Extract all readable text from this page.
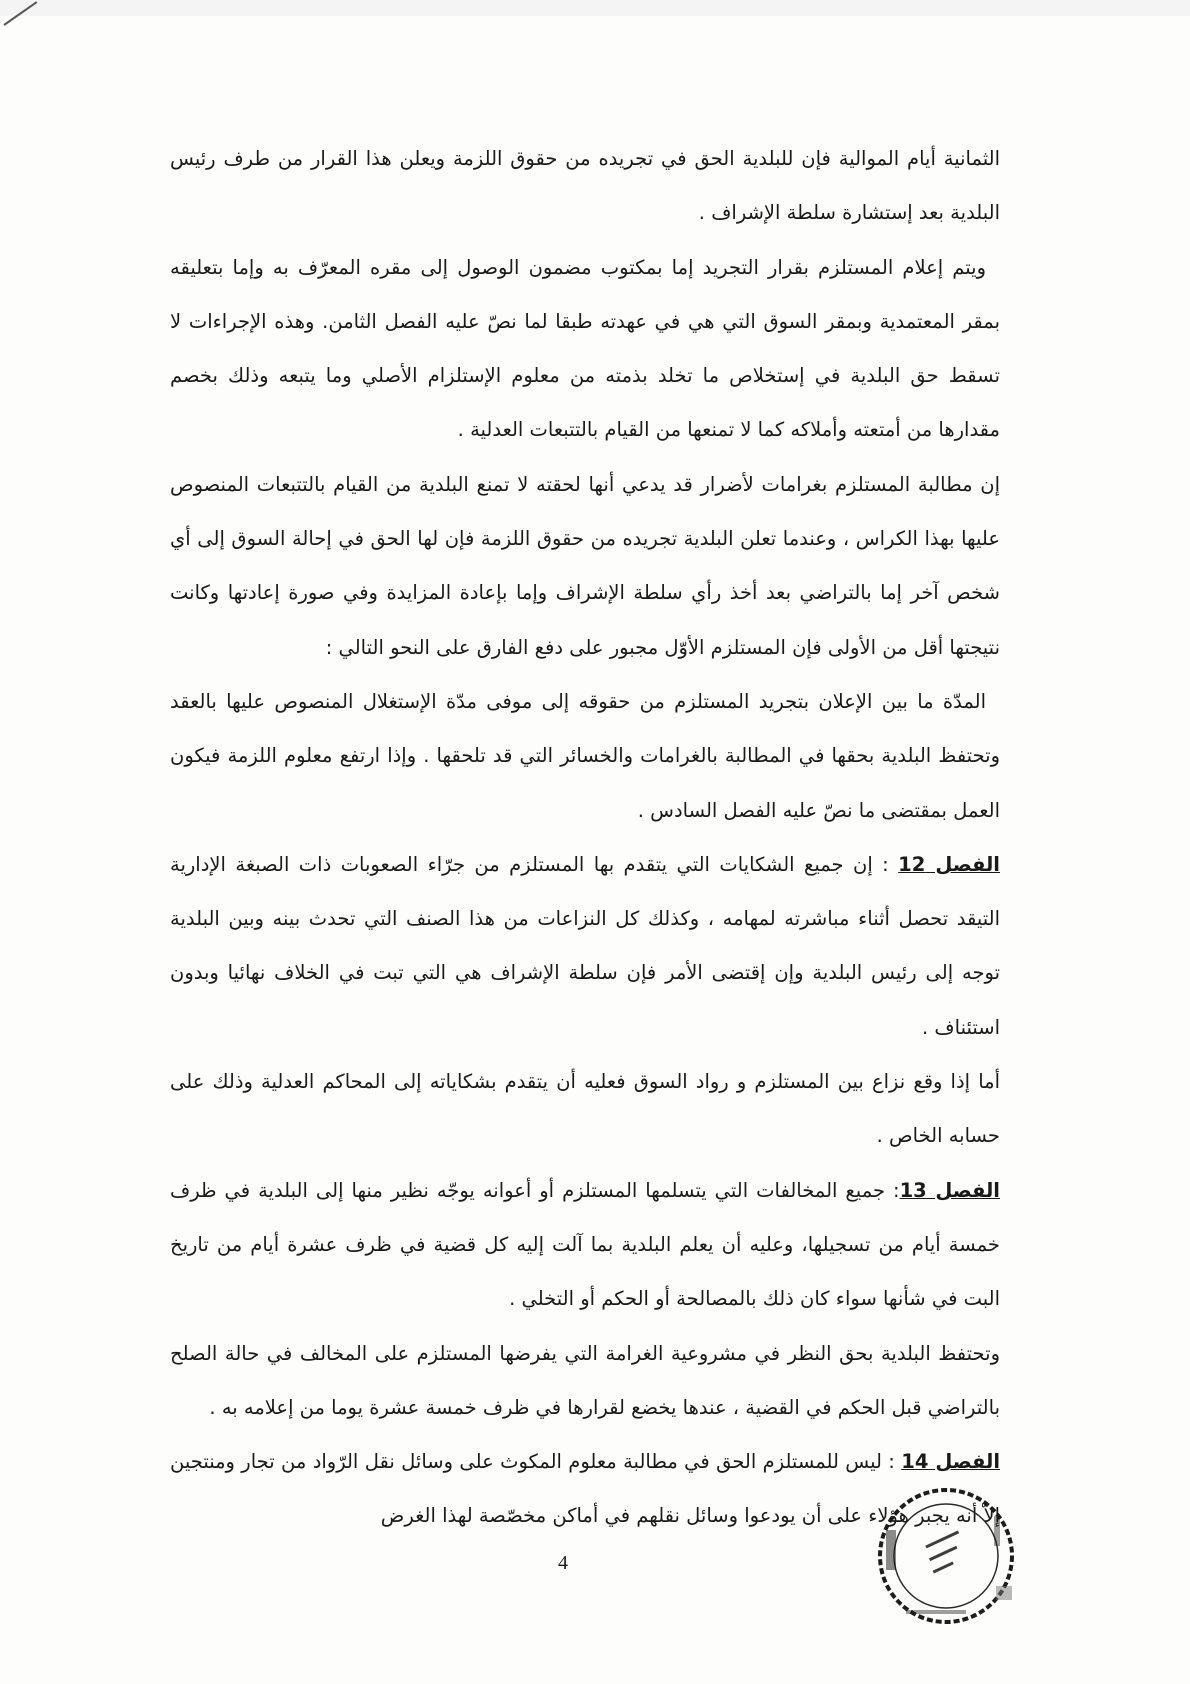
الثمانية أيام الموالية فإن للبلدية الحق في تجريده من حقوق اللزمة ويعلن هذا القرار من طرف رئيس البلدية بعد إستشارة سلطة الإشراف .

ويتم إعلام المستلزم بقرار التجريد إما بمكتوب مضمون الوصول إلى مقره المعرّف به وإما بتعليقه بمقر المعتمدية وبمقر السوق التي هي في عهدته طبقا لما نصّ عليه الفصل الثامن. وهذه الإجراءات لا تسقط حق البلدية في إستخلاص ما تخلد بذمته من معلوم الإستلزام الأصلي وما يتبعه وذلك بخصم مقدارها من أمتعته وأملاكه كما لا تمنعها من القيام بالتتبعات العدلية .

إن مطالبة المستلزم بغرامات لأضرار قد يدعي أنها لحقته لا تمنع البلدية من القيام بالتتبعات المنصوص عليها بهذا الكراس ، وعندما تعلن البلدية تجريده من حقوق اللزمة فإن لها الحق في إحالة السوق إلى أي شخص آخر إما بالتراضي بعد أخذ رأي سلطة الإشراف وإما بإعادة المزايدة وفي صورة إعادتها وكانت نتيجتها أقل من الأولى فإن المستلزم الأوّل مجبور على دفع الفارق على النحو التالي :

المدّة ما بين الإعلان بتجريد المستلزم من حقوقه إلى موفى مدّة الإستغلال المنصوص عليها بالعقد وتحتفظ البلدية بحقها في المطالبة بالغرامات والخسائر التي قد تلحقها . وإذا ارتفع معلوم اللزمة فيكون العمل بمقتضى ما نصّ عليه الفصل السادس .

الفصل 12 : إن جميع الشكايات التي يتقدم بها المستلزم من جرّاء الصعوبات ذات الصبغة الإدارية التيقد تحصل أثناء مباشرته لمهامه ، وكذلك كل النزاعات من هذا الصنف التي تحدث بينه وبين البلدية توجه إلى رئيس البلدية وإن إقتضى الأمر فإن سلطة الإشراف هي التي تبت في الخلاف نهائيا وبدون استئناف .

أما إذا وقع نزاع بين المستلزم و رواد السوق فعليه أن يتقدم بشكاياته إلى المحاكم العدلية وذلك على حسابه الخاص .

الفصل 13: جميع المخالفات التي يتسلمها المستلزم أو أعوانه يوجّه نظير منها إلى البلدية في ظرف خمسة أيام من تسجيلها، وعليه أن يعلم البلدية بما آلت إليه كل قضية في ظرف عشرة أيام من تاريخ البت في شأنها سواء كان ذلك بالمصالحة أو الحكم أو التخلي .

وتحتفظ البلدية بحق النظر في مشروعية الغرامة التي يفرضها المستلزم على المخالف في حالة الصلح بالتراضي قبل الحكم في القضية ، عندها يخضع لقرارها في ظرف خمسة عشرة يوما من إعلامه به .

الفصل 14 : ليس للمستلزم الحق في مطالبة معلوم المكوث على وسائل نقل الرّواد من تجار ومنتجين إلاّ أنه يجبر هؤلاء على أن يودعوا وسائل نقلهم في أماكن مخصّصة لهذا الغرض

4
